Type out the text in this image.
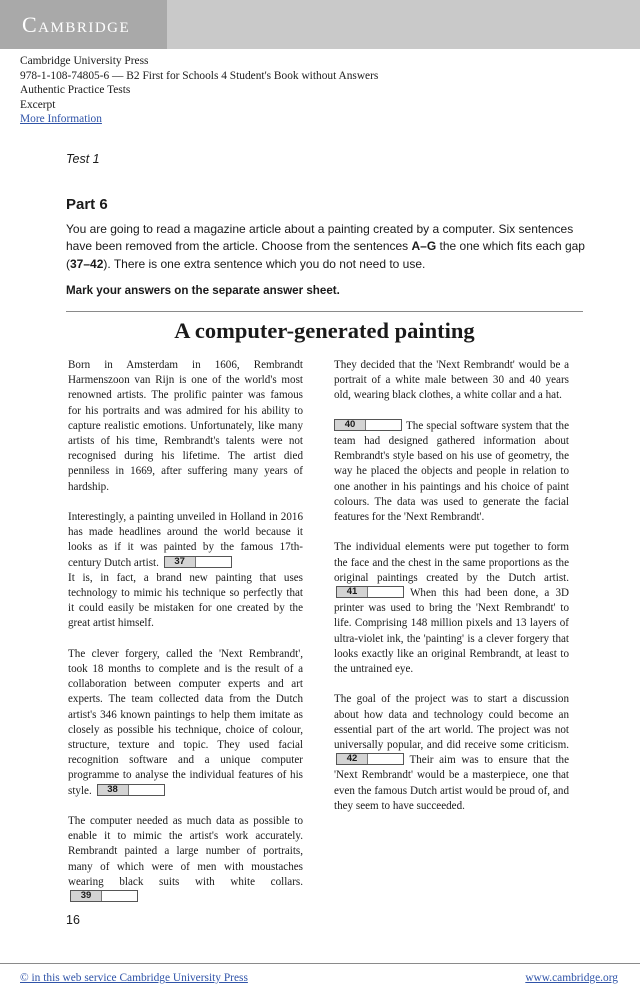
Cambridge
Cambridge University Press
978-1-108-74805-6 — B2 First for Schools 4 Student's Book without Answers
Authentic Practice Tests
Excerpt
More Information
Test 1
Part 6
You are going to read a magazine article about a painting created by a computer. Six sentences have been removed from the article. Choose from the sentences A–G the one which fits each gap (37–42). There is one extra sentence which you do not need to use.
Mark your answers on the separate answer sheet.
A computer-generated painting

Born in Amsterdam in 1606, Rembrandt Harmenszoon van Rijn is one of the world's most renowned artists. The prolific painter was famous for his portraits and was admired for his ability to capture realistic emotions. Unfortunately, like many artists of his time, Rembrandt's talents were not recognised during his lifetime. The artist died penniless in 1669, after suffering many years of hardship.

Interestingly, a painting unveiled in Holland in 2016 has made headlines around the world because it looks as if it was painted by the famous 17th-century Dutch artist.	37

It is, in fact, a brand new painting that uses technology to mimic his technique so perfectly that it could easily be mistaken for one created by the great artist himself.

The clever forgery, called the 'Next Rembrandt', took 18 months to complete and is the result of a collaboration between computer experts and art experts. The team collected data from the Dutch artist's 346 known paintings to help them imitate as closely as possible his technique, choice of colour, structure, texture and topic. They used facial recognition software and a unique computer programme to analyse the individual features of his style.	38

The computer needed as much data as possible to enable it to mimic the artist's work accurately. Rembrandt painted a large number of portraits, many of which were of men with moustaches wearing black suits with white collars.
39

They decided that the 'Next Rembrandt' would be a portrait of a white male between 30 and 40 years old, wearing black clothes, a white collar and a hat.

40	The special software system that the team had designed gathered information about Rembrandt's style based on his use of geometry, the way he placed the objects and people in relation to one another in his paintings and his choice of paint colours. The data was used to generate the facial features for the 'Next Rembrandt'.

The individual elements were put together to form the face and the chest in the same proportions as the original paintings created by the Dutch artist.
41	When this had been done, a 3D printer was used to bring the 'Next Rembrandt' to life. Comprising 148 million pixels and 13 layers of ultra-violet ink, the 'painting' is a clever forgery that looks exactly like an original Rembrandt, at least to the untrained eye.

The goal of the project was to start a discussion about how data and technology could become an essential part of the art world. The project was not universally popular, and did receive some criticism.
42	Their aim was to ensure that the 'Next Rembrandt' would be a masterpiece, one that even the famous Dutch artist would be proud of, and they seem to have succeeded.

16
© in this web service Cambridge University Press	www.cambridge.org
